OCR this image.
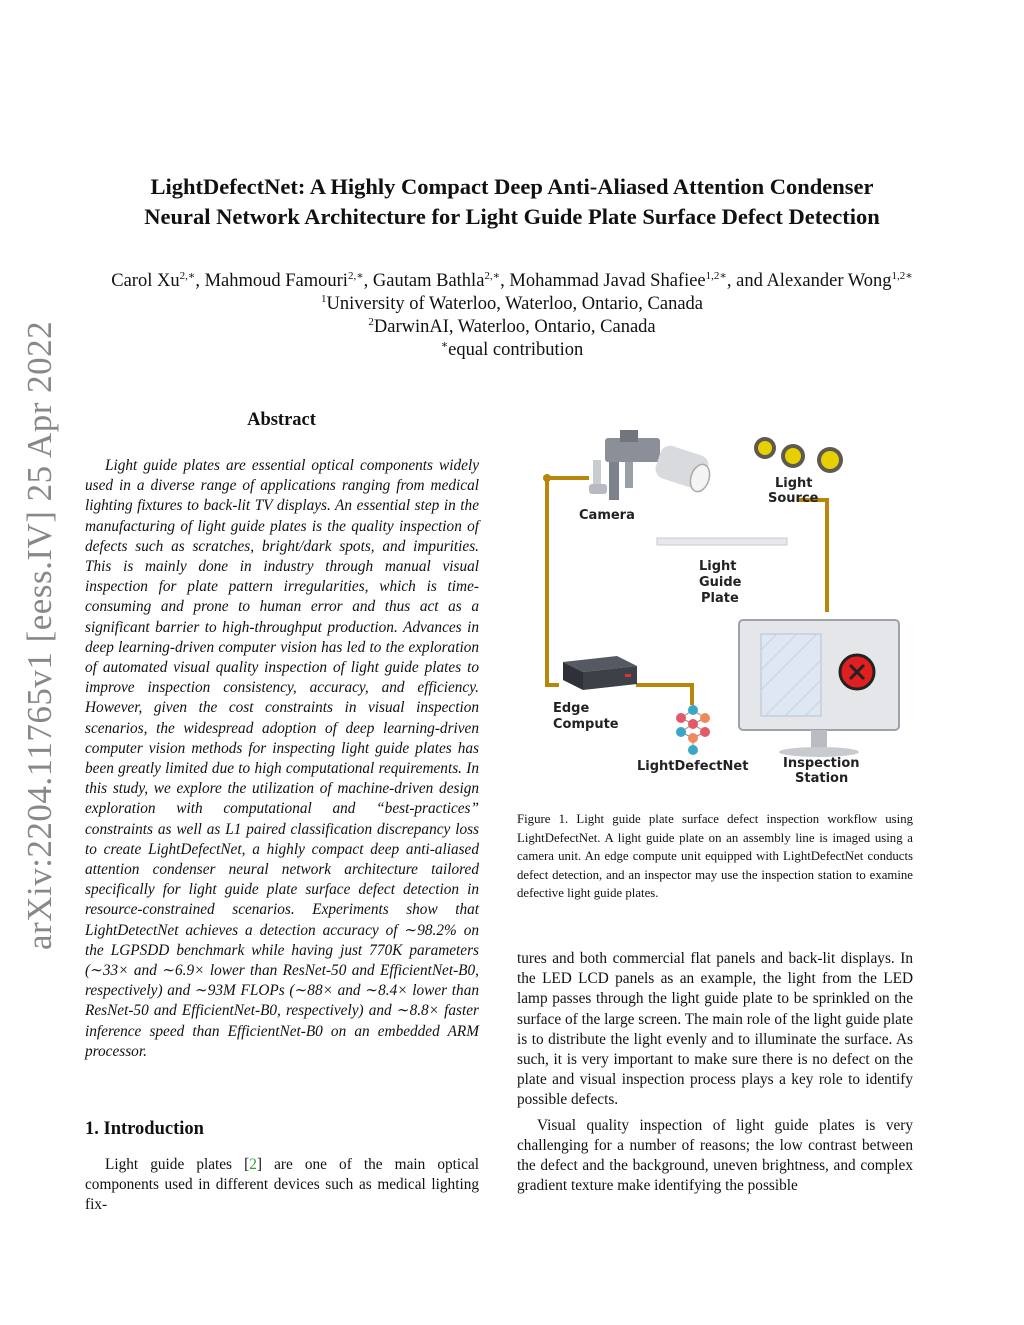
arXiv:2204.11765v1 [eess.IV] 25 Apr 2022
LightDefectNet: A Highly Compact Deep Anti-Aliased Attention Condenser
Neural Network Architecture for Light Guide Plate Surface Defect Detection
Carol $Xu^{2,∗}$, Mahmoud Famouri$^{2,∗}$, Gautam Bathla$^{2,∗}$, Mohammad Javad Shafiee$^{1,2∗}$, and Alexander Wong$^{1,2∗}$
$^1$University of Waterloo, Waterloo, Ontario, Canada
$^2$DarwinAI, Waterloo, Ontario, Canada
∗equal contribution
Abstract
Light guide plates are essential optical components widely used in a diverse range of applications ranging from medical lighting fixtures to back-lit TV displays. An essential step in the manufacturing of light guide plates is the quality inspection of defects such as scratches, bright/dark spots, and impurities. This is mainly done in industry through manual visual inspection for plate pattern irregularities, which is time-consuming and prone to human error and thus act as a significant barrier to high-throughput production. Advances in deep learning-driven computer vision has led to the exploration of automated visual quality inspection of light guide plates to improve inspection consistency, accuracy, and efficiency. However, given the cost constraints in visual inspection scenarios, the widespread adoption of deep learning-driven computer vision methods for inspecting light guide plates has been greatly limited due to high computational requirements. In this study, we explore the utilization of machine-driven design exploration with computational and “best-practices” constraints as well as L1 paired classification discrepancy loss to create LightDefectNet, a highly compact deep anti-aliased attention condenser neural network architecture tailored specifically for light guide plate surface defect detection in resource-constrained scenarios. Experiments show that LightDetectNet achieves a detection accuracy of ∼98.2% on the LGPSDD benchmark while having just 770K parameters (∼33× and ∼6.9× lower than ResNet-50 and EfficientNet-B0, respectively) and ∼93M FLOPs (∼88× and ∼8.4× lower than ResNet-50 and EfficientNet-B0, respectively) and ∼8.8× faster inference speed than EfficientNet-B0 on an embedded ARM processor.
1. Introduction
Light guide plates [2] are one of the main optical components used in different devices such as medical lighting fix-
Camera
Light
Source
Light
Guide
Plate
Inspection
Station
Edge
Compute
LightDefectNet
Figure 1. Light guide plate surface defect inspection workflow using LightDefectNet. A light guide plate on an assembly line is imaged using a camera unit. An edge compute unit equipped with LightDefectNet conducts defect detection, and an inspector may use the inspection station to examine defective light guide plates.

tures and both commercial flat panels and back-lit displays. In the LED LCD panels as an example, the light from the LED lamp passes through the light guide plate to be sprinkled on the surface of the large screen. The main role of the light guide plate is to distribute the light evenly and to illuminate the surface. As such, it is very important to make sure there is no defect on the plate and visual inspection process plays a key role to identify possible defects.

Visual quality inspection of light guide plates is very challenging for a number of reasons; the low contrast between the defect and the background, uneven brightness, and complex gradient texture make identifying the possible
